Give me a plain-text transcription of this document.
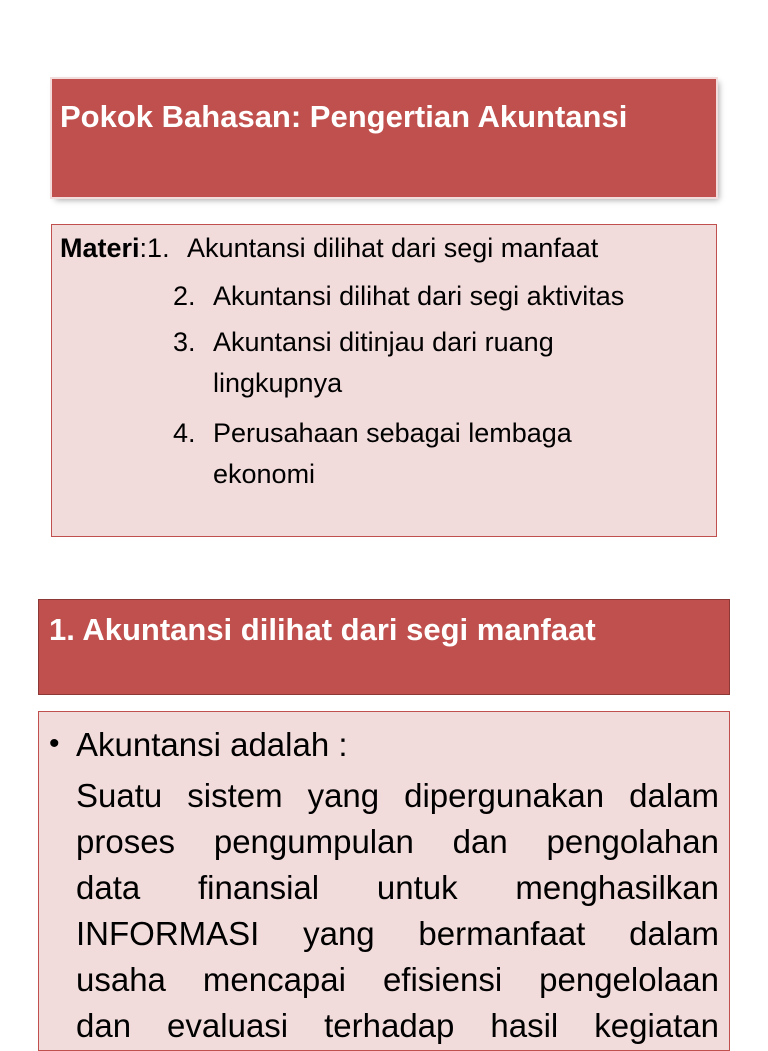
Pokok Bahasan: Pengertian Akuntansi
Materi : 1. Akuntansi dilihat dari segi manfaat
2. Akuntansi dilihat dari segi aktivitas
3. Akuntansi ditinjau dari ruang lingkupnya
4. Perusahaan sebagai lembaga ekonomi
1. Akuntansi dilihat dari segi manfaat
• Akuntansi adalah :
Suatu sistem yang dipergunakan dalam
proses pengumpulan dan pengolahan
data finansial untuk menghasilkan
INFORMASI yang bermanfaat dalam
usaha mencapai efisiensi pengelolaan
dan evaluasi terhadap hasil kegiatan
